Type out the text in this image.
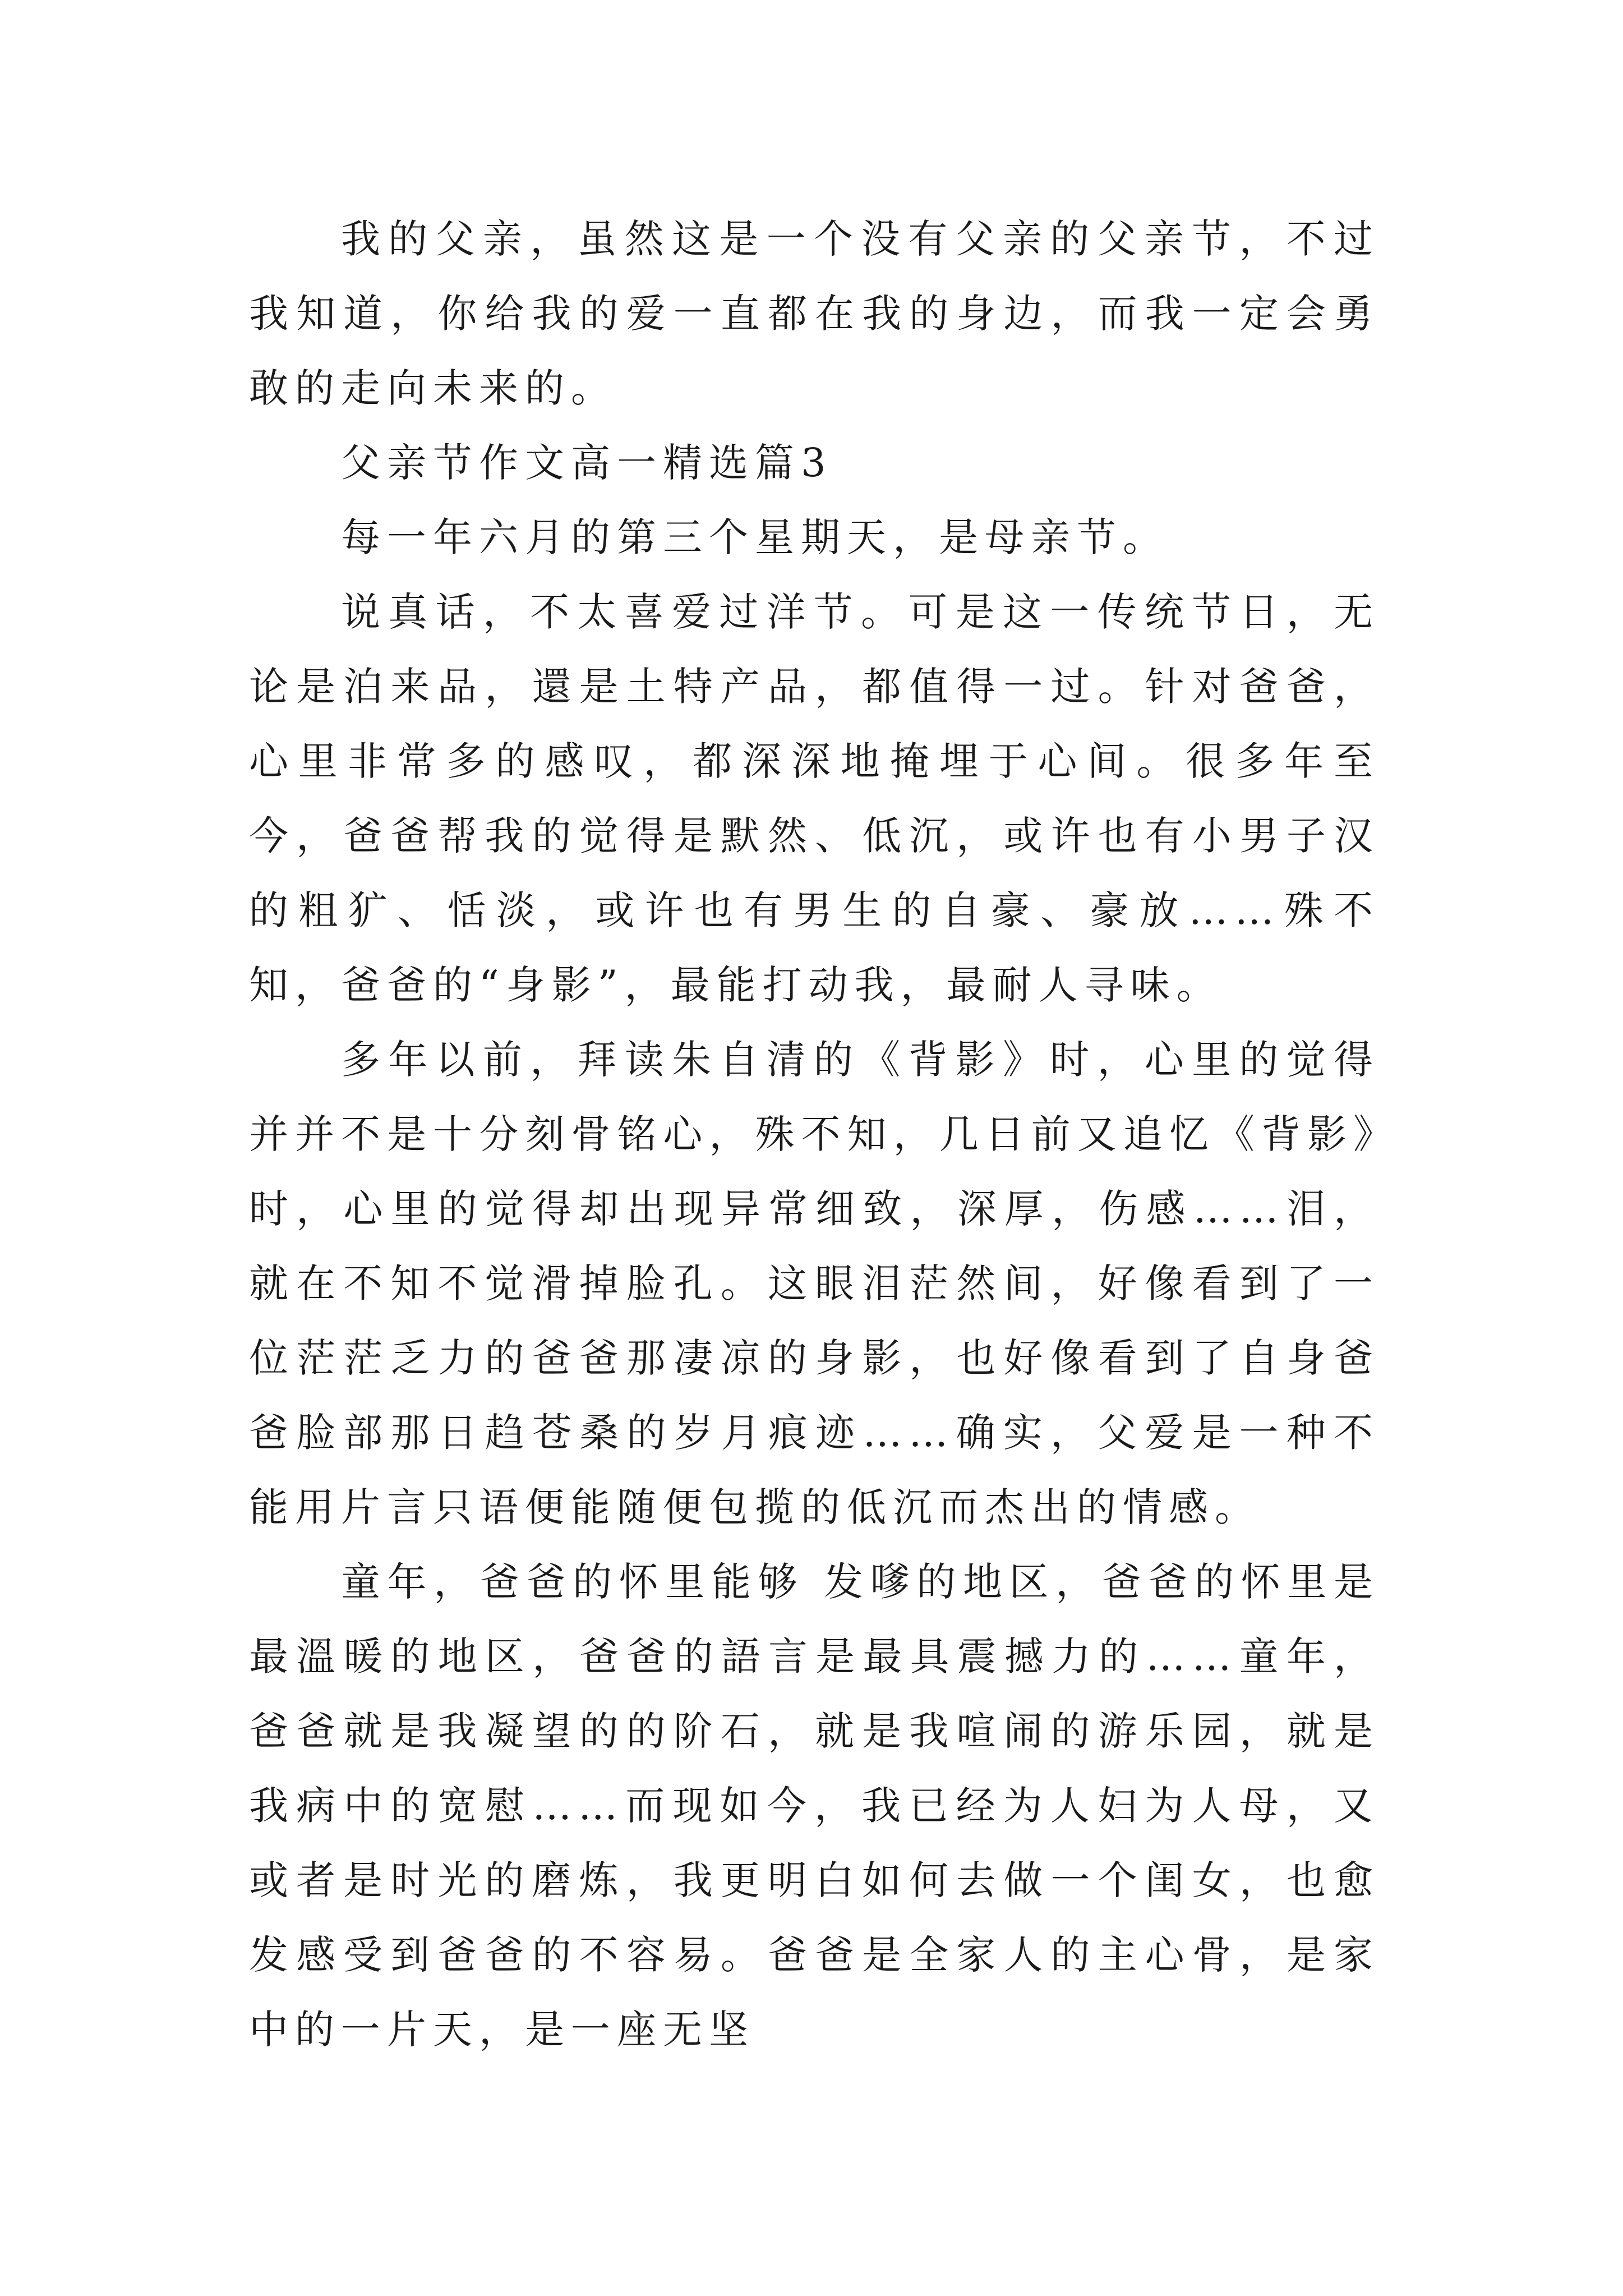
我的父亲，虽然这是一个没有父亲的父亲节，不过我知道，你给我的爱一直都在我的身边，而我一定会勇敢的走向未来的。

父亲节作文高一精选篇3

每一年六月的第三个星期天，是母亲节。

说真话，不太喜爱过洋节。可是这一传统节日，无论是泊来品，還是土特产品，都值得一过。针对爸爸，心里非常多的感叹，都深深地掩埋于心间。很多年至今，爸爸帮我的觉得是默然、低沉，或许也有小男子汉的粗犷、恬淡，或许也有男生的自豪、豪放……殊不知，爸爸的“身影”，最能打动我，最耐人寻味。

多年以前，拜读朱自清的《背影》时，心里的觉得并并不是十分刻骨铭心，殊不知，几日前又追忆《背影》时，心里的觉得却出现异常细致，深厚，伤感……泪，就在不知不觉滑掉脸孔。这眼泪茫然间，好像看到了一位茫茫乏力的爸爸那凄凉的身影，也好像看到了自身爸爸脸部那日趋苍桑的岁月痕迹……确实，父爱是一种不能用片言只语便能随便包揽的低沉而杰出的情感。

童年，爸爸的怀里能够 发嗲的地区，爸爸的怀里是最溫暖的地区，爸爸的語言是最具震撼力的……童年，爸爸就是我凝望的的阶石，就是我喧闹的游乐园，就是我病中的宽慰……而现如今，我已经为人妇为人母，又或者是时光的磨炼，我更明白如何去做一个闺女，也愈发感受到爸爸的不容易。爸爸是全家人的主心骨，是家中的一片天，是一座无坚
